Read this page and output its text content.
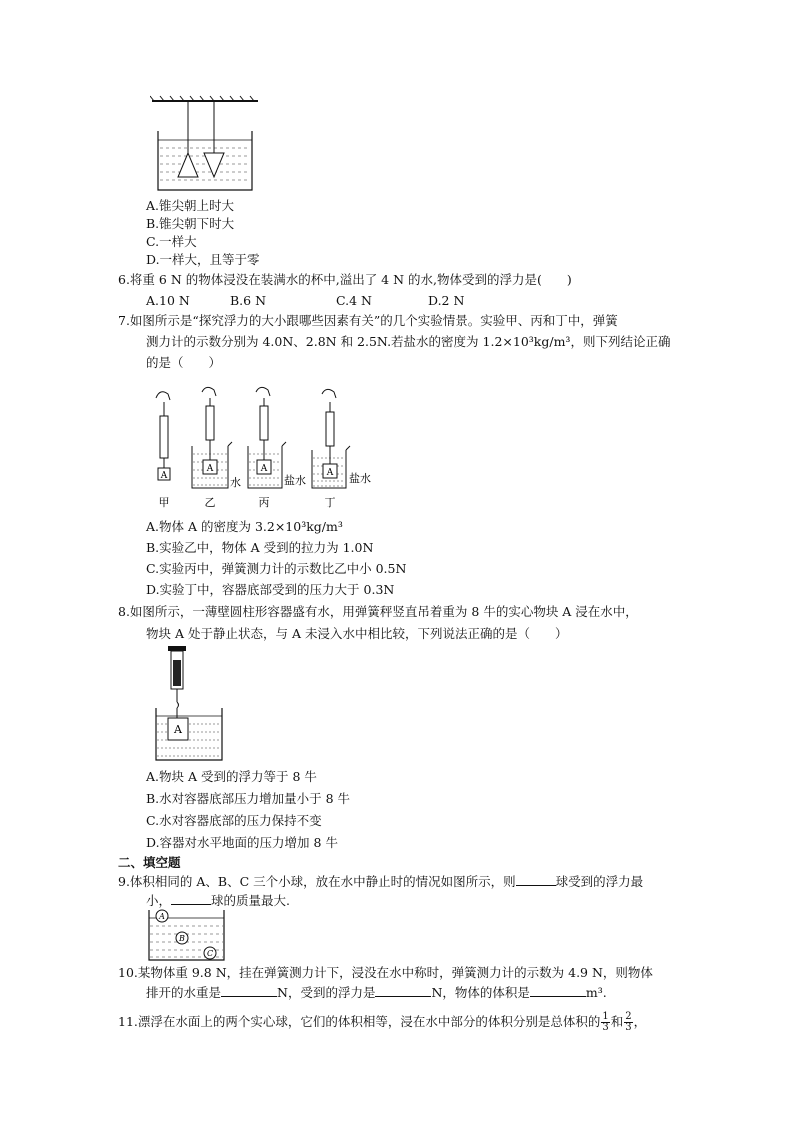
A.锥尖朝上时大
B.锥尖朝下时大
C.一样大
D.一样大，且等于零
6.将重 6 N 的物体浸没在装满水的杯中,溢出了 4 N 的水,物体受到的浮力是(　　)
A.10 N	B.6 N	C.4 N	D.2 N
7.如图所示是“探究浮力的大小跟哪些因素有关”的几个实验情景。实验甲、丙和丁中，弹簧
测力计的示数分别为 4.0N、2.8N 和 2.5N.若盐水的密度为 1.2×10³kg/m³，则下列结论正确
的是（　　）
A
A	A	A
水	盐水	盐水
甲	乙	丙	丁
A.物体 A 的密度为 3.2×10³kg/m³
B.实验乙中，物体 A 受到的拉力为 1.0N
C.实验丙中，弹簧测力计的示数比乙中小 0.5N
D.实验丁中，容器底部受到的压力大于 0.3N
8.如图所示，一薄壁圆柱形容器盛有水，用弹簧秤竖直吊着重为 8 牛的实心物块 A 浸在水中，
物块 A 处于静止状态，与 A 未浸入水中相比较，下列说法正确的是（　　）
A
A.物块 A 受到的浮力等于 8 牛
B.水对容器底部压力增加量小于 8 牛
C.水对容器底部的压力保持不变
D.容器对水平地面的压力增加 8 牛
二、填空题
9.体积相同的 A、B、C 三个小球，放在水中静止时的情况如图所示，则	球受到的浮力最
小，	球的质量最大.
A
B
C
10.某物体重 9.8 N，挂在弹簧测力计下，浸没在水中称时，弹簧测力计的示数为 4.9 N，则物体
排开的水重是	N，受到的浮力是	N，物体的体积是	m³.
11.漂浮在水面上的两个实心球，它们的体积相等，浸在水中部分的体积分别是总体积的 $\frac{1}{3}$ 和 $\frac{2}{3}$ ，
